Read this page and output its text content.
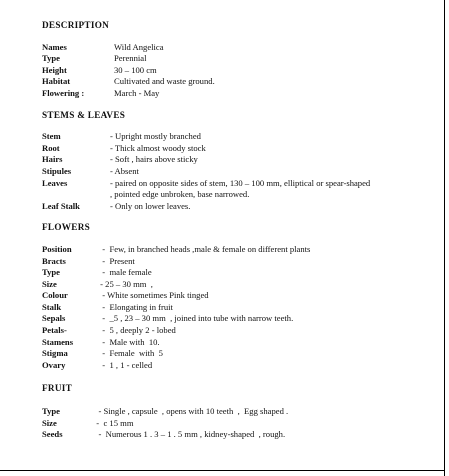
DESCRIPTION
Names	Wild Angelica
Type	Perennial
Height	30 – 100 cm
Habitat	Cultivated and waste ground.
Flowering :	March - May
STEMS & LEAVES
Stem	- Upright mostly branched
Root	- Thick almost woody stock
Hairs	- Soft , hairs above sticky
Stipules	- Absent
Leaves	- paired on opposite sides of stem, 130 – 100 mm, elliptical or spear-shaped , pointed edge unbroken, base narrowed.
Leaf Stalk	- Only on lower leaves.
FLOWERS
Position	-  Few, in branched heads ,male & female on different plants
Bracts	-  Present
Type	-  male female
Size	- 25 – 30 mm  ,
Colour	- White sometimes Pink tinged
Stalk	-  Elongating in fruit
Sepals	-  _5 , 23 – 30 mm  , joined into tube with narrow teeth.
Petals-	-  5 , deeply 2 - lobed
Stamens	-  Male with  10.
Stigma	-  Female  with  5
Ovary	-  1 , 1 - celled
FRUIT
Type	- Single , capsule  , opens with 10 teeth  ,  Egg shaped .
Size	-  c 15 mm
Seeds	-  Numerous 1 . 3 – 1 . 5 mm , kidney-shaped  , rough.
